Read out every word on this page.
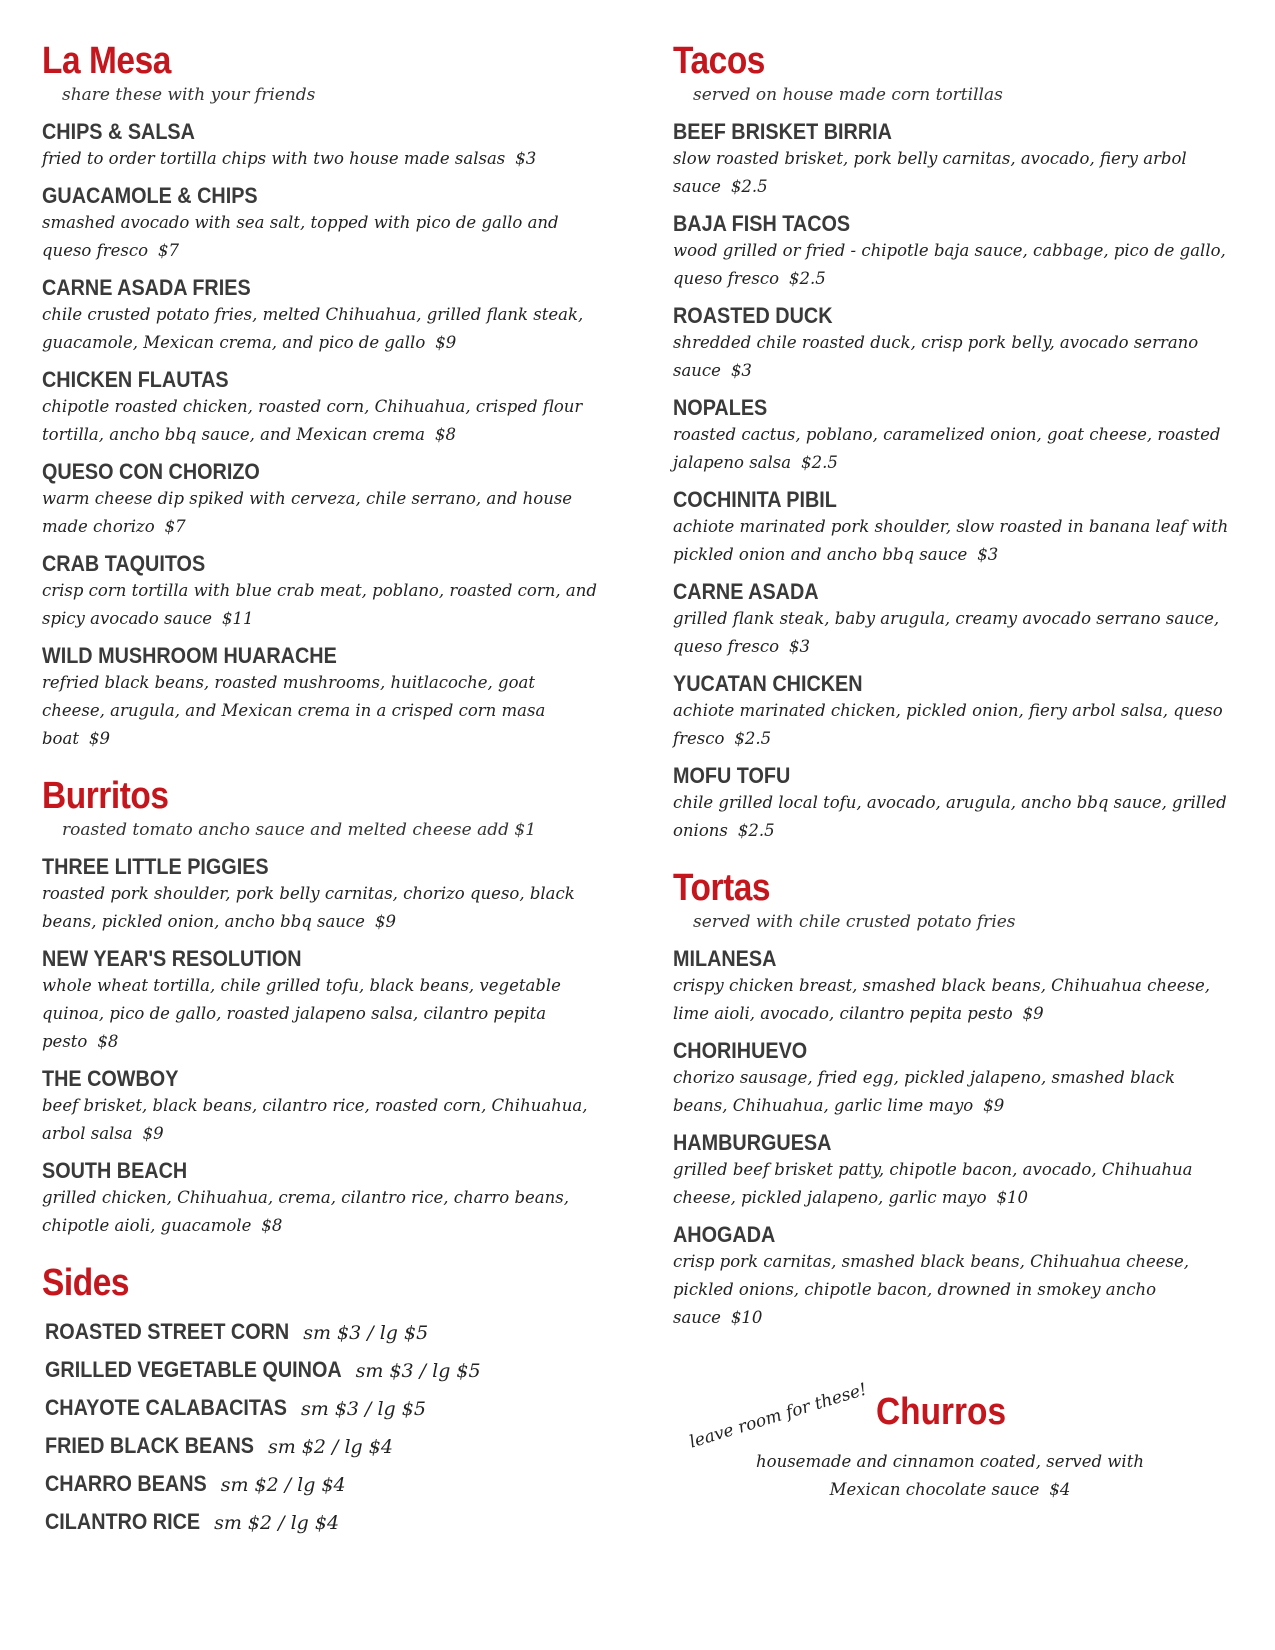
La Mesa
share these with your friends
CHIPS & SALSA
fried to order tortilla chips with two house made salsas $3
GUACAMOLE & CHIPS
smashed avocado with sea salt, topped with pico de gallo and queso fresco $7
CARNE ASADA FRIES
chile crusted potato fries, melted Chihuahua, grilled flank steak, guacamole, Mexican crema, and pico de gallo $9
CHICKEN FLAUTAS
chipotle roasted chicken, roasted corn, Chihuahua, crisped flour tortilla, ancho bbq sauce, and Mexican crema $8
QUESO CON CHORIZO
warm cheese dip spiked with cerveza, chile serrano, and house made chorizo $7
CRAB TAQUITOS
crisp corn tortilla with blue crab meat, poblano, roasted corn, and spicy avocado sauce $11
WILD MUSHROOM HUARACHE
refried black beans, roasted mushrooms, huitlacoche, goat cheese, arugula, and Mexican crema in a crisped corn masa boat $9
Burritos
roasted tomato ancho sauce and melted cheese add $1
THREE LITTLE PIGGIES
roasted pork shoulder, pork belly carnitas, chorizo queso, black beans, pickled onion, ancho bbq sauce $9
NEW YEAR'S RESOLUTION
whole wheat tortilla, chile grilled tofu, black beans, vegetable quinoa, pico de gallo, roasted jalapeno salsa, cilantro pepita pesto $8
THE COWBOY
beef brisket, black beans, cilantro rice, roasted corn, Chihuahua, arbol salsa $9
SOUTH BEACH
grilled chicken, Chihuahua, crema, cilantro rice, charro beans, chipotle aioli, guacamole $8
Sides
ROASTED STREET CORN sm $3 / lg $5
GRILLED VEGETABLE QUINOA sm $3 / lg $5
CHAYOTE CALABACITAS sm $3 / lg $5
FRIED BLACK BEANS sm $2 / lg $4
CHARRO BEANS sm $2 / lg $4
CILANTRO RICE sm $2 / lg $4
Tacos
served on house made corn tortillas
BEEF BRISKET BIRRIA
slow roasted brisket, pork belly carnitas, avocado, fiery arbol sauce $2.5
BAJA FISH TACOS
wood grilled or fried - chipotle baja sauce, cabbage, pico de gallo, queso fresco $2.5
ROASTED DUCK
shredded chile roasted duck, crisp pork belly, avocado serrano sauce $3
NOPALES
roasted cactus, poblano, caramelized onion, goat cheese, roasted jalapeno salsa $2.5
COCHINITA PIBIL
achiote marinated pork shoulder, slow roasted in banana leaf with pickled onion and ancho bbq sauce $3
CARNE ASADA
grilled flank steak, baby arugula, creamy avocado serrano sauce, queso fresco $3
YUCATAN CHICKEN
achiote marinated chicken, pickled onion, fiery arbol salsa, queso fresco $2.5
MOFU TOFU
chile grilled local tofu, avocado, arugula, ancho bbq sauce, grilled onions $2.5
Tortas
served with chile crusted potato fries
MILANESA
crispy chicken breast, smashed black beans, Chihuahua cheese, lime aioli, avocado, cilantro pepita pesto $9
CHORIHUEVO
chorizo sausage, fried egg, pickled jalapeno, smashed black beans, Chihuahua, garlic lime mayo $9
HAMBURGUESA
grilled beef brisket patty, chipotle bacon, avocado, Chihuahua cheese, pickled jalapeno, garlic mayo $10
AHOGADA
crisp pork carnitas, smashed black beans, Chihuahua cheese, pickled onions, chipotle bacon, drowned in smokey ancho sauce $10
leave room for these! Churros
housemade and cinnamon coated, served with Mexican chocolate sauce $4
